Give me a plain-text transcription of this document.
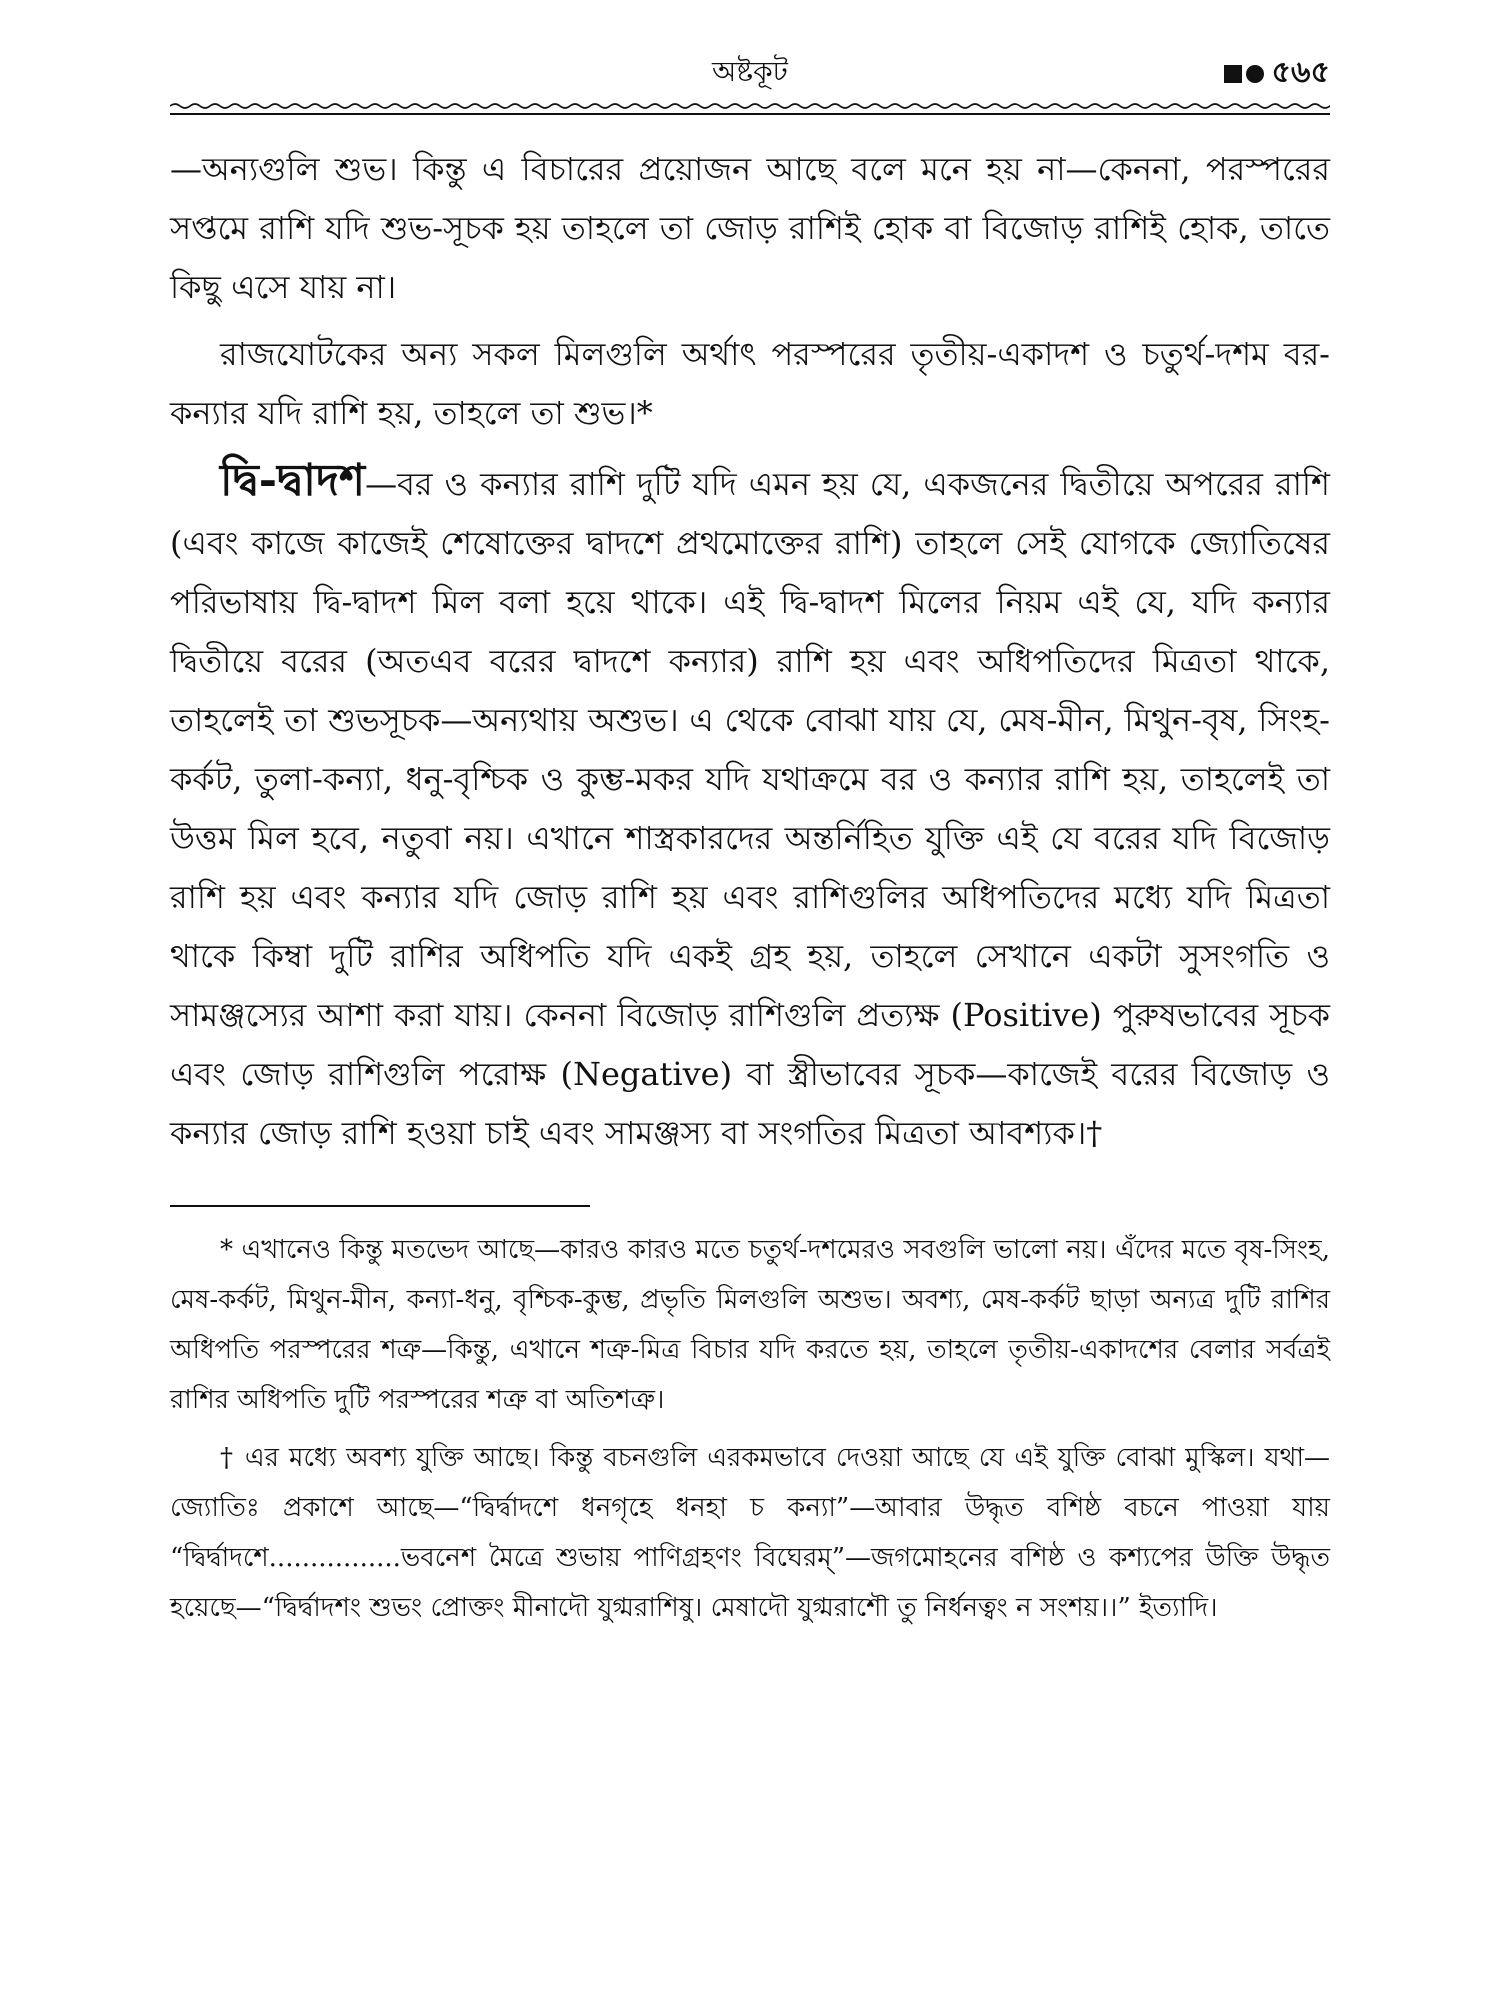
অষ্টকূট	৫৬৫

—অন্যগুলি শুভ। কিন্তু এ বিচারের প্রয়োজন আছে বলে মনে হয় না—কেননা, পরস্পরের সপ্তমে রাশি যদি শুভ-সূচক হয় তাহলে তা জোড় রাশিই হোক বা বিজোড় রাশিই হোক, তাতে কিছু এসে যায় না।

রাজযোটকের অন্য সকল মিলগুলি অর্থাৎ পরস্পরের তৃতীয়-একাদশ ও চতুর্থ-দশম বর-কন্যার যদি রাশি হয়, তাহলে তা শুভ।*

দ্বি-দ্বাদশ—বর ও কন্যার রাশি দুটি যদি এমন হয় যে, একজনের দ্বিতীয়ে অপরের রাশি (এবং কাজে কাজেই শেষোক্তের দ্বাদশে প্রথমোক্তের রাশি) তাহলে সেই যোগকে জ্যোতিষের পরিভাষায় দ্বি-দ্বাদশ মিল বলা হয়ে থাকে। এই দ্বি-দ্বাদশ মিলের নিয়ম এই যে, যদি কন্যার দ্বিতীয়ে বরের (অতএব বরের দ্বাদশে কন্যার) রাশি হয় এবং অধিপতিদের মিত্রতা থাকে, তাহলেই তা শুভসূচক—অন্যথায় অশুভ। এ থেকে বোঝা যায় যে, মেষ-মীন, মিথুন-বৃষ, সিংহ-কর্কট, তুলা-কন্যা, ধনু-বৃশ্চিক ও কুম্ভ-মকর যদি যথাক্রমে বর ও কন্যার রাশি হয়, তাহলেই তা উত্তম মিল হবে, নতুবা নয়। এখানে শাস্ত্রকারদের অন্তর্নিহিত যুক্তি এই যে বরের যদি বিজোড় রাশি হয় এবং কন্যার যদি জোড় রাশি হয় এবং রাশিগুলির অধিপতিদের মধ্যে যদি মিত্রতা থাকে কিম্বা দুটি রাশির অধিপতি যদি একই গ্রহ হয়, তাহলে সেখানে একটা সুসংগতি ও সামঞ্জস্যের আশা করা যায়। কেননা বিজোড় রাশিগুলি প্রত্যক্ষ (Positive) পুরুষভাবের সূচক এবং জোড় রাশিগুলি পরোক্ষ (Negative) বা স্ত্রীভাবের সূচক—কাজেই বরের বিজোড় ও কন্যার জোড় রাশি হওয়া চাই এবং সামঞ্জস্য বা সংগতির মিত্রতা আবশ্যক।†

* এখানেও কিন্তু মতভেদ আছে—কারও কারও মতে চতুর্থ-দশমেরও সবগুলি ভালো নয়। এঁদের মতে বৃষ-সিংহ, মেষ-কর্কট, মিথুন-মীন, কন্যা-ধনু, বৃশ্চিক-কুম্ভ, প্রভৃতি মিলগুলি অশুভ। অবশ্য, মেষ-কর্কট ছাড়া অন্যত্র দুটি রাশির অধিপতি পরস্পরের শত্রু—কিন্তু, এখানে শত্রু-মিত্র বিচার যদি করতে হয়, তাহলে তৃতীয়-একাদশের বেলার সর্বত্রই রাশির অধিপতি দুটি পরস্পরের শত্রু বা অতিশত্রু।

† এর মধ্যে অবশ্য যুক্তি আছে। কিন্তু বচনগুলি এরকমভাবে দেওয়া আছে যে এই যুক্তি বোঝা মুস্কিল। যথা—জ্যোতিঃ প্রকাশে আছে—“দ্বির্দ্বাদশে ধনগৃহে ধনহা চ কন্যা”—আবার উদ্ধৃত বশিষ্ঠ বচনে পাওয়া যায় “দ্বির্দ্বাদশে................ভবনেশ মৈত্রে শুভায় পাণিগ্রহণং বিঘেরম্”—জগমোহনের বশিষ্ঠ ও কশ্যপের উক্তি উদ্ধৃত হয়েছে—“দ্বির্দ্বাদশং শুভং প্রোক্তং মীনাদৌ যুগ্মরাশিষু। মেষাদৌ যুগ্মরাশৌ তু নির্ধনত্বং ন সংশয়।।” ইত্যাদি।
